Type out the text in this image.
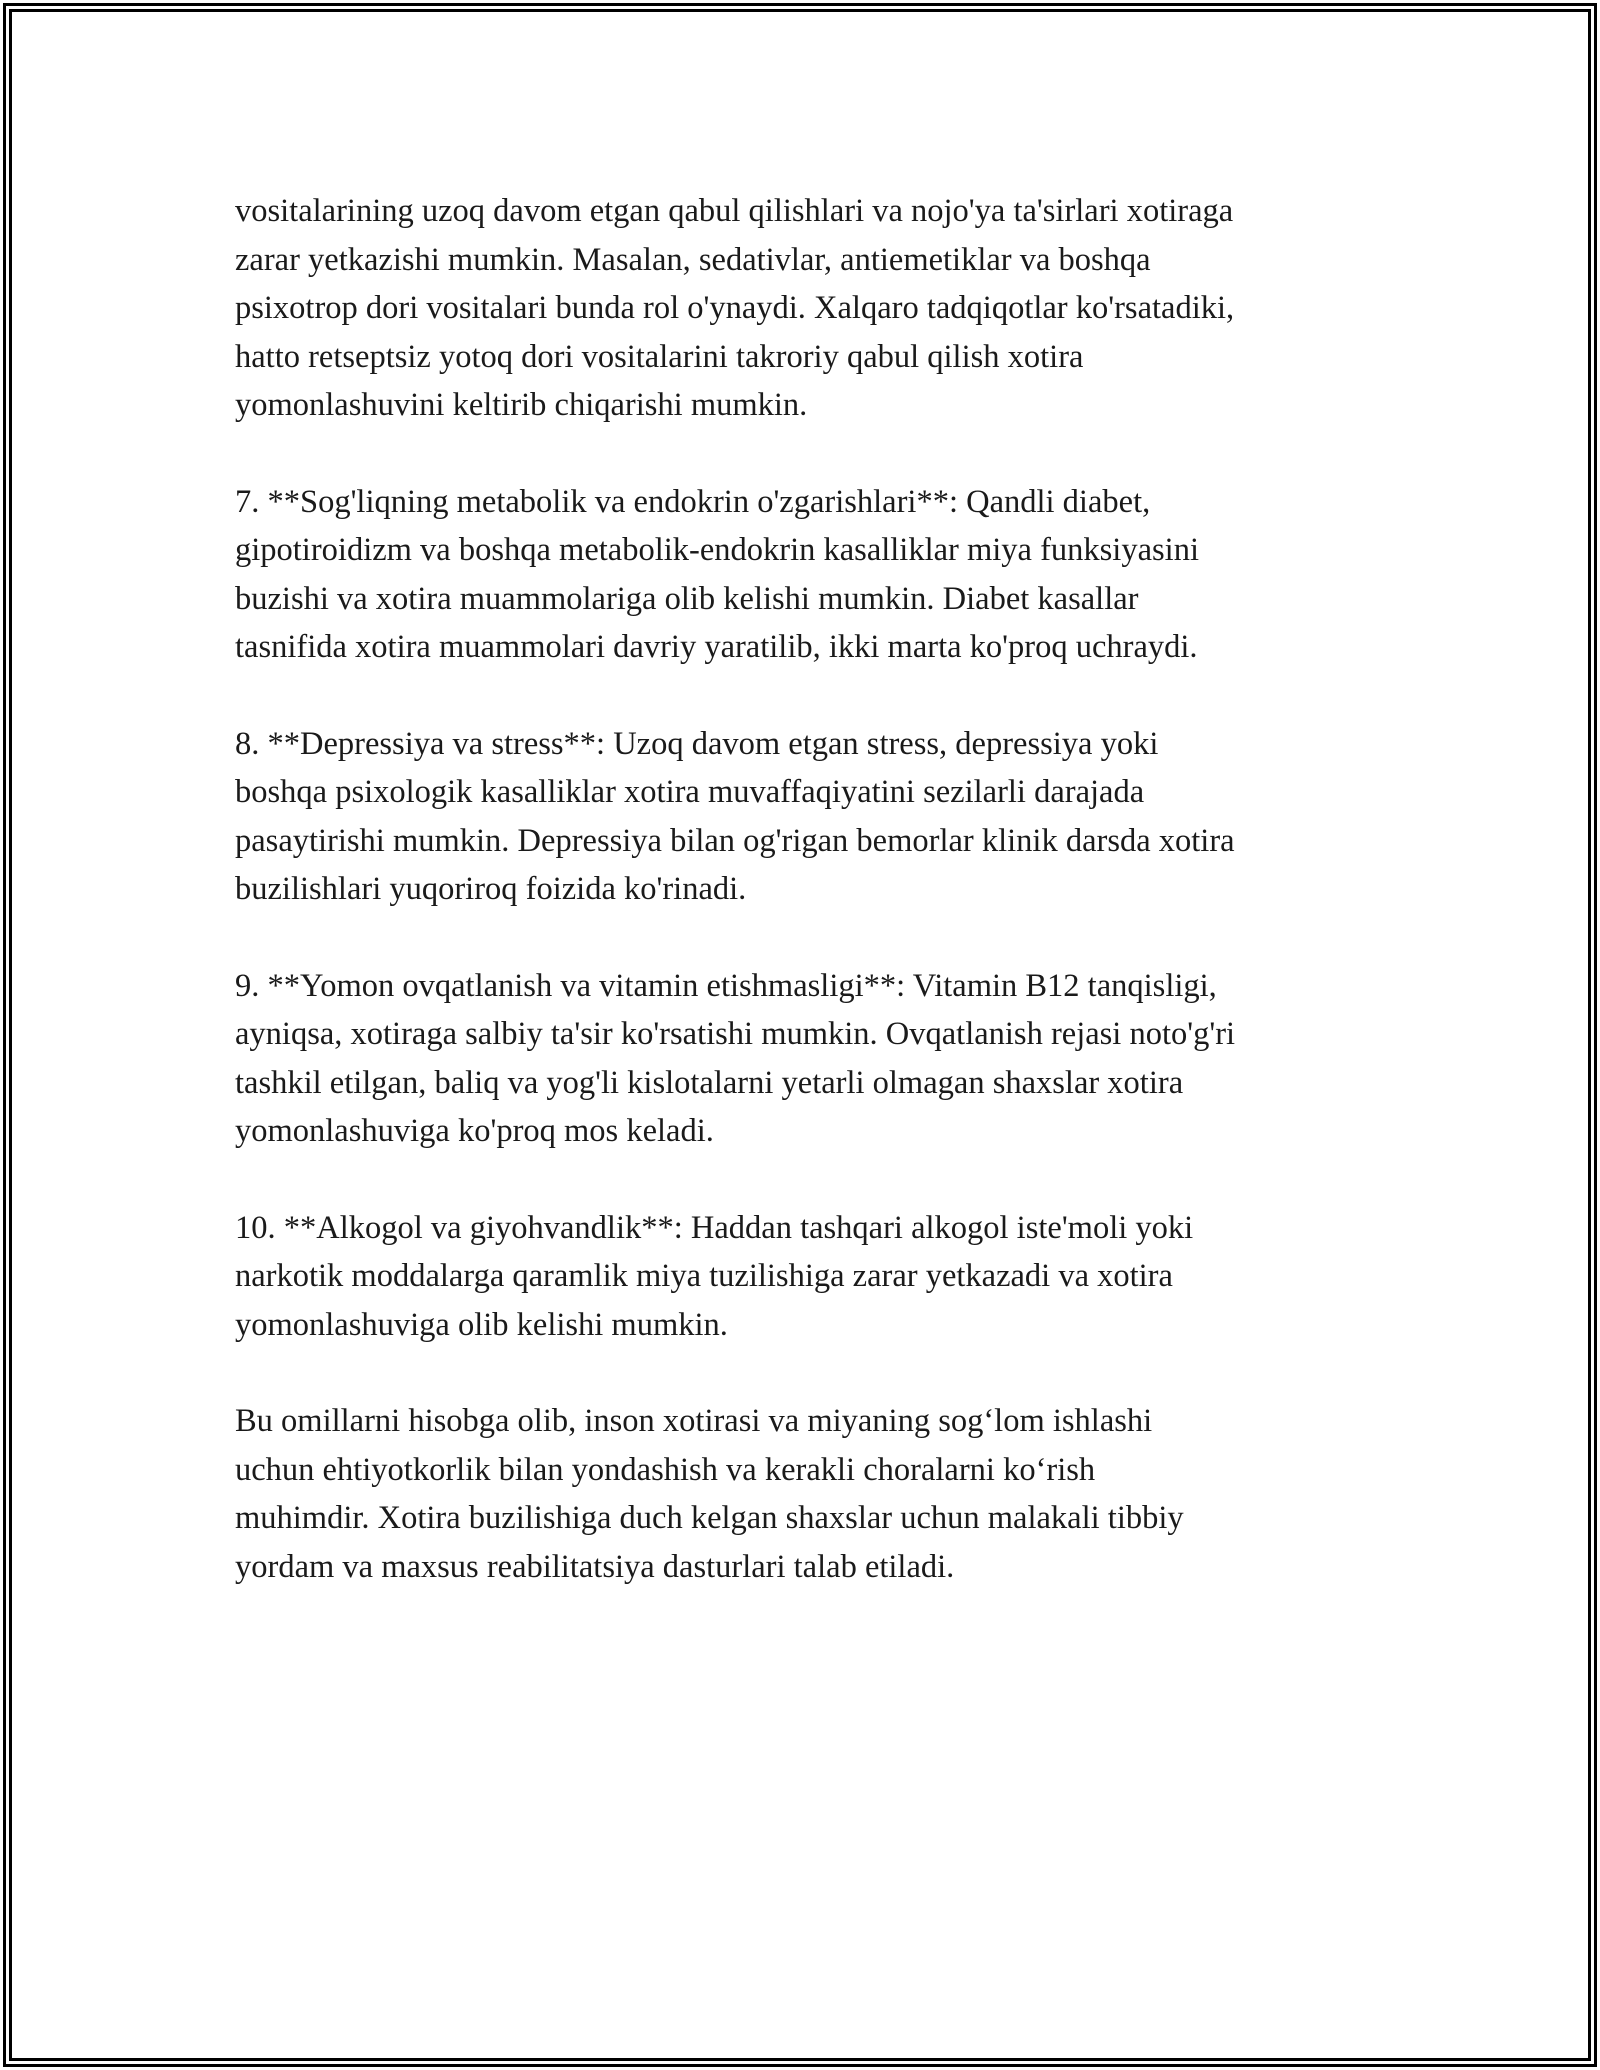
vositalarining uzoq davom etgan qabul qilishlari va nojo'ya ta'sirlari xotiraga
zarar yetkazishi mumkin. Masalan, sedativlar, antiemetiklar va boshqa
psixotrop dori vositalari bunda rol o'ynaydi. Xalqaro tadqiqotlar ko'rsatadiki,
hatto retseptsiz yotoq dori vositalarini takroriy qabul qilish xotira
yomonlashuvini keltirib chiqarishi mumkin.

7. **Sog'liqning metabolik va endokrin o'zgarishlari**: Qandli diabet,
gipotiroidizm va boshqa metabolik-endokrin kasalliklar miya funksiyasini
buzishi va xotira muammolariga olib kelishi mumkin. Diabet kasallar
tasnifida xotira muammolari davriy yaratilib, ikki marta ko'proq uchraydi.

8. **Depressiya va stress**: Uzoq davom etgan stress, depressiya yoki
boshqa psixologik kasalliklar xotira muvaffaqiyatini sezilarli darajada
pasaytirishi mumkin. Depressiya bilan og'rigan bemorlar klinik darsda xotira
buzilishlari yuqoriroq foizida ko'rinadi.

9. **Yomon ovqatlanish va vitamin etishmasligi**: Vitamin B12 tanqisligi,
ayniqsa, xotiraga salbiy ta'sir ko'rsatishi mumkin. Ovqatlanish rejasi noto'g'ri
tashkil etilgan, baliq va yog'li kislotalarni yetarli olmagan shaxslar xotira
yomonlashuviga ko'proq mos keladi.

10. **Alkogol va giyohvandlik**: Haddan tashqari alkogol iste'moli yoki
narkotik moddalarga qaramlik miya tuzilishiga zarar yetkazadi va xotira
yomonlashuviga olib kelishi mumkin.

Bu omillarni hisobga olib, inson xotirasi va miyaning sog‘lom ishlashi
uchun ehtiyotkorlik bilan yondashish va kerakli choralarni ko‘rish
muhimdir. Xotira buzilishiga duch kelgan shaxslar uchun malakali tibbiy
yordam va maxsus reabilitatsiya dasturlari talab etiladi.
